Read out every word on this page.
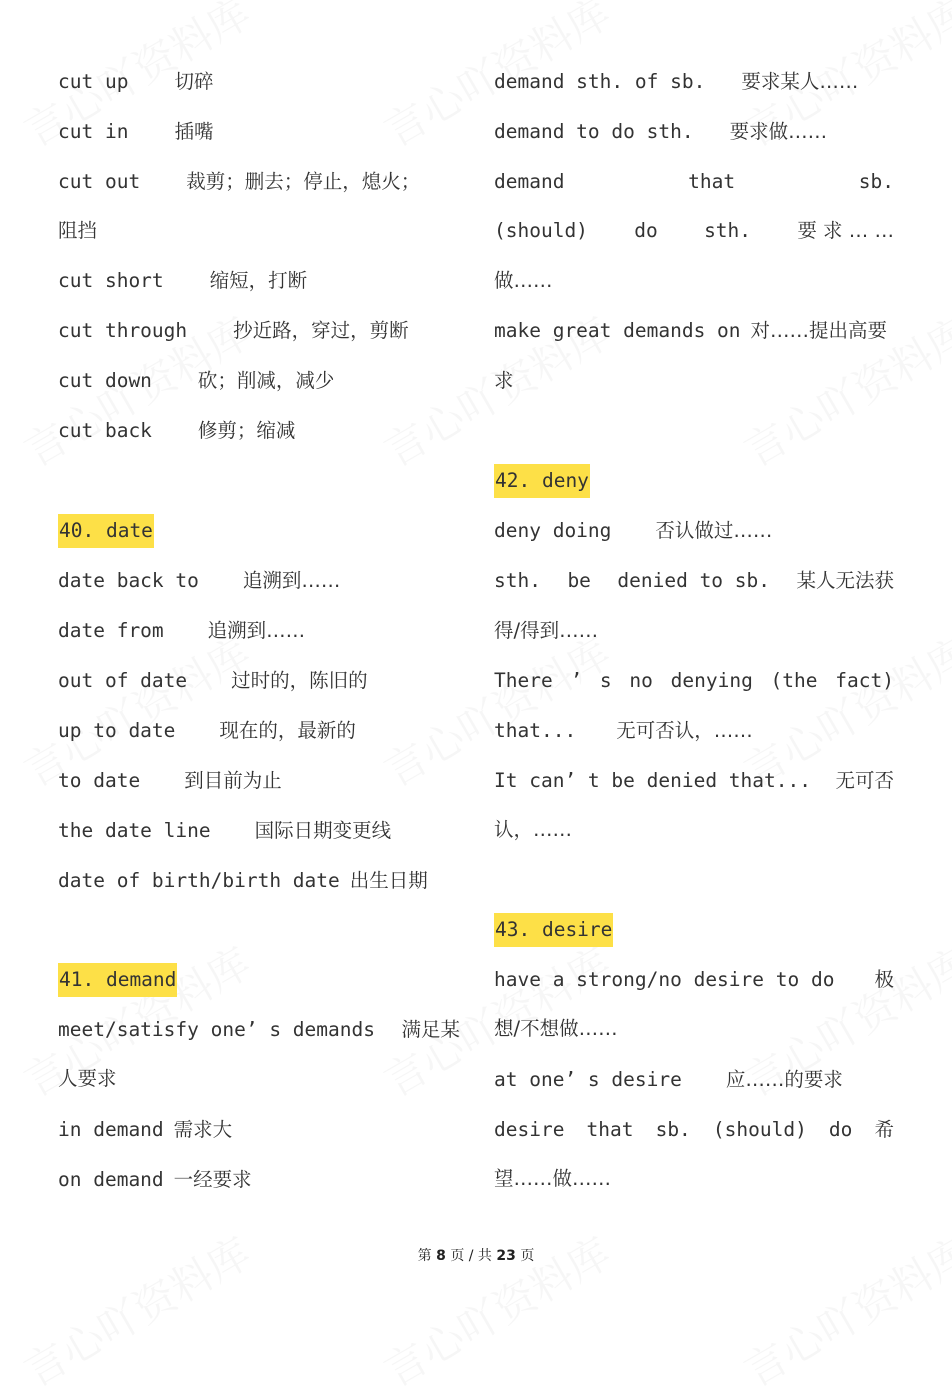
cut up 切碎
cut in 插嘴
cut out 裁剪；删去；停止，熄火；
阻挡
cut short 缩短，打断
cut through 抄近路，穿过，剪断
cut down 砍；削减，减少
cut back 修剪；缩减
40. date
date back to 追溯到……
date from 追溯到……
out of date 过时的，陈旧的
up to date 现在的，最新的
to date 到目前为止
the date line 国际日期变更线
date of birth/birth date 出生日期
41. demand
meet/satisfy one’ s demands 满足某
人要求
in demand 需求大
on demand 一经要求
demand sth. of sb. 要求某人……
demand to do sth. 要求做……
demand	that	sb.
(should) do sth. 要 求 … …
做……
make great demands on 对……提出高要
求
42. deny
deny doing 否认做过……
sth. be denied to sb. 某人无法获
得/得到……
There ’ s no denying (the fact)
that... 无可否认，……
It can’ t be denied that... 无可否
认，……
43. desire
have a strong/no desire to do 极
想/不想做……
at one’ s desire 应……的要求
desire that sb. (should) do 希
望……做……
第 8 页 / 共 23 页
